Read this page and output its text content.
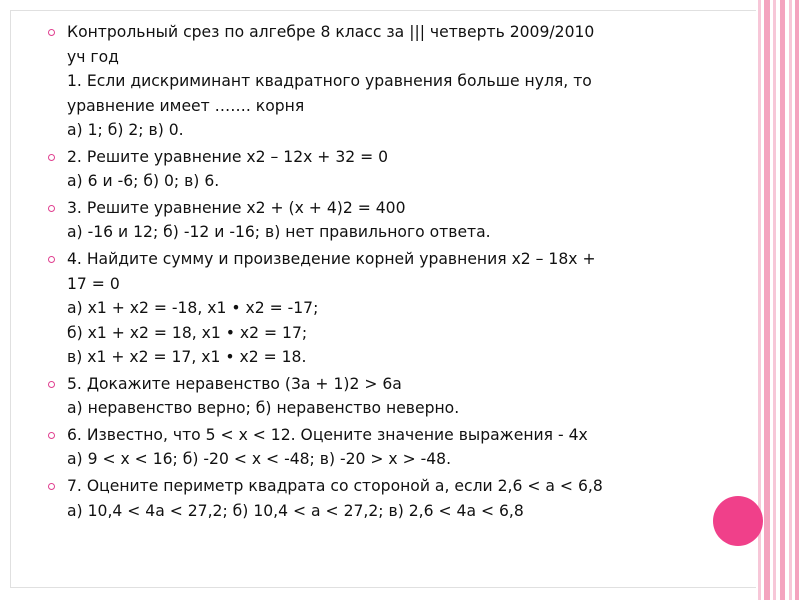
Контрольный срез по алгебре 8 класс за ||| четверть 2009/2010
уч год
1. Если дискриминант квадратного уравнения больше нуля, то
уравнение имеет ……. корня
а) 1; б) 2; в) 0.
2. Решите уравнение х2 – 12х + 32 = 0
а) 6 и -6; б) 0; в) 6.
3. Решите уравнение х2 + (х + 4)2 = 400
а) -16 и 12; б) -12 и -16; в) нет правильного ответа.
4. Найдите сумму и произведение корней уравнения х2 – 18х +
17 = 0
а) х1 + х2 = -18, х1 • х2 = -17;
б) х1 + х2 = 18, х1 • х2 = 17;
в) х1 + х2 = 17, х1 • х2 = 18.
5. Докажите неравенство (3а + 1)2 > 6а
а) неравенство верно; б) неравенство неверно.
6. Известно, что 5 < х < 12. Оцените значение выражения - 4х
а) 9 < х < 16; б) -20 < х < -48; в) -20 > х > -48.
7. Оцените периметр квадрата со стороной а, если 2,6 < а < 6,8
а) 10,4 < 4а < 27,2; б) 10,4 < а < 27,2; в) 2,6 < 4а < 6,8
